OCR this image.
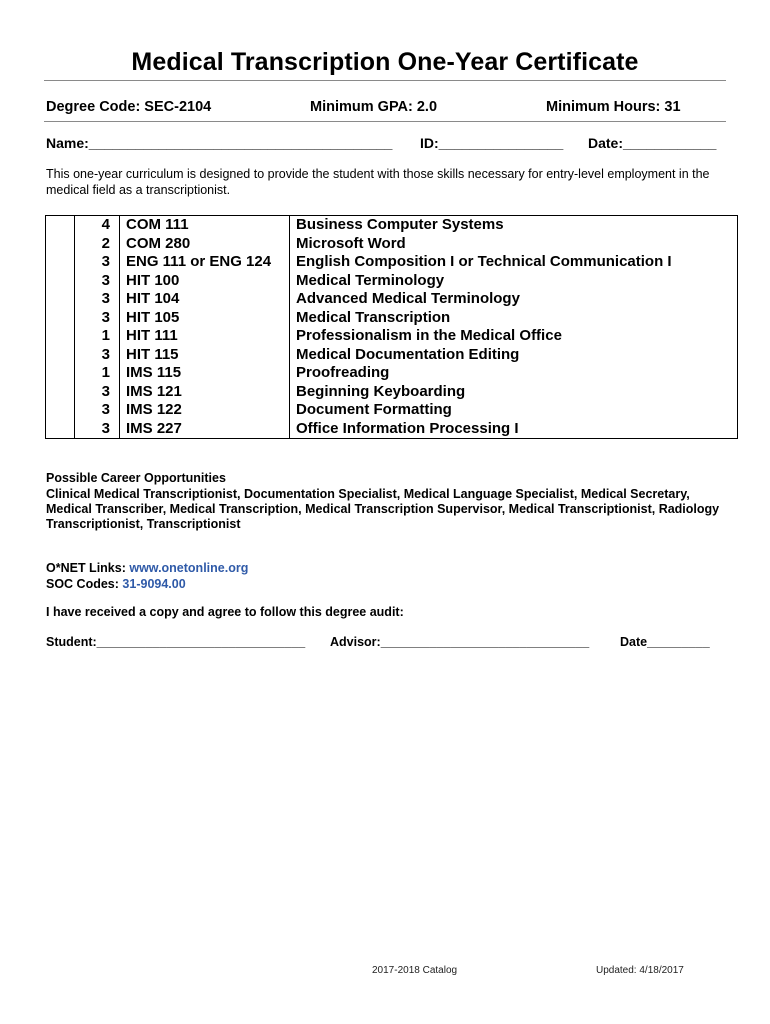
Medical Transcription One-Year Certificate
Degree Code: SEC-2104	Minimum GPA: 2.0	Minimum Hours: 31
Name:_______________________________________ ID:________________ Date:____________
This one-year curriculum is designed to provide the student with those skills necessary for entry-level employment in the medical field as a transcriptionist.
	4	COM 111	Business Computer Systems
	2	COM 280	Microsoft Word
	3	ENG 111 or ENG 124	English Composition I or Technical Communication I
	3	HIT 100	Medical Terminology
	3	HIT 104	Advanced Medical Terminology
	3	HIT 105	Medical Transcription
	1	HIT 111	Professionalism in the Medical Office
	3	HIT 115	Medical Documentation Editing
	1	IMS 115	Proofreading
	3	IMS 121	Beginning Keyboarding
	3	IMS 122	Document Formatting
	3	IMS 227	Office Information Processing I
Possible Career Opportunities
Clinical Medical Transcriptionist, Documentation Specialist, Medical Language Specialist, Medical Secretary, Medical Transcriber, Medical Transcription, Medical Transcription Supervisor, Medical Transcriptionist, Radiology Transcriptionist, Transcriptionist
O*NET Links: www.onetonline.org
SOC Codes: 31-9094.00
I have received a copy and agree to follow this degree audit:
Student:______________________________ Advisor:______________________________ Date_________
2017-2018 Catalog	Updated: 4/18/2017
